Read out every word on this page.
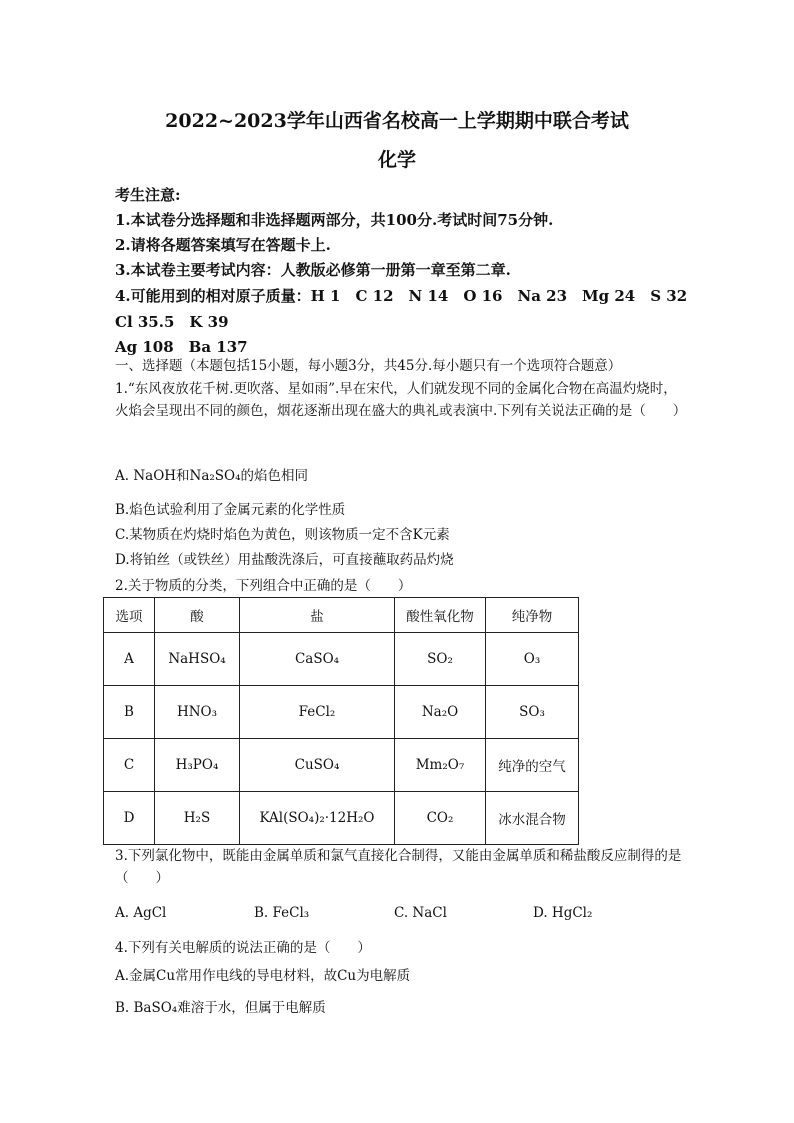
2022~2023学年山西省名校高一上学期期中联合考试
化学
考生注意:
1.本试卷分选择题和非选择题两部分，共100分.考试时间75分钟.
2.请将各题答案填写在答题卡上.
3.本试卷主要考试内容：人教版必修第一册第一章至第二章.
4.可能用到的相对原子质量：H 1　C 12　N 14　O 16　Na 23　Mg 24　S 32　Cl 35.5　K 39
Ag 108　Ba 137
一、选择题（本题包括15小题，每小题3分，共45分.每小题只有一个选项符合题意）
1.“东风夜放花千树.更吹落、星如雨”.早在宋代，人们就发现不同的金属化合物在高温灼烧时，火焰会呈现出不同的颜色，烟花逐渐出现在盛大的典礼或表演中.下列有关说法正确的是（　　）
A. NaOH和Na₂SO₄的焰色相同
B.焰色试验利用了金属元素的化学性质
C.某物质在灼烧时焰色为黄色，则该物质一定不含K元素
D.将铂丝（或铁丝）用盐酸洗涤后，可直接蘸取药品灼烧
2.关于物质的分类，下列组合中正确的是（　　）
选项	酸	盐	酸性氧化物	纯净物
A	NaHSO₄	CaSO₄	SO₂	O₃
B	HNO₃	FeCl₂	Na₂O	SO₃
C	H₃PO₄	CuSO₄	Mm₂O₇	纯净的空气
D	H₂S	KAl(SO₄)₂·12H₂O	CO₂	冰水混合物
3.下列氯化物中，既能由金属单质和氯气直接化合制得，又能由金属单质和稀盐酸反应制得的是（　　）
A. AgCl	B. FeCl₃	C. NaCl	D. HgCl₂
4.下列有关电解质的说法正确的是（　　）
A.金属Cu常用作电线的导电材料，故Cu为电解质
B. BaSO₄难溶于水，但属于电解质
